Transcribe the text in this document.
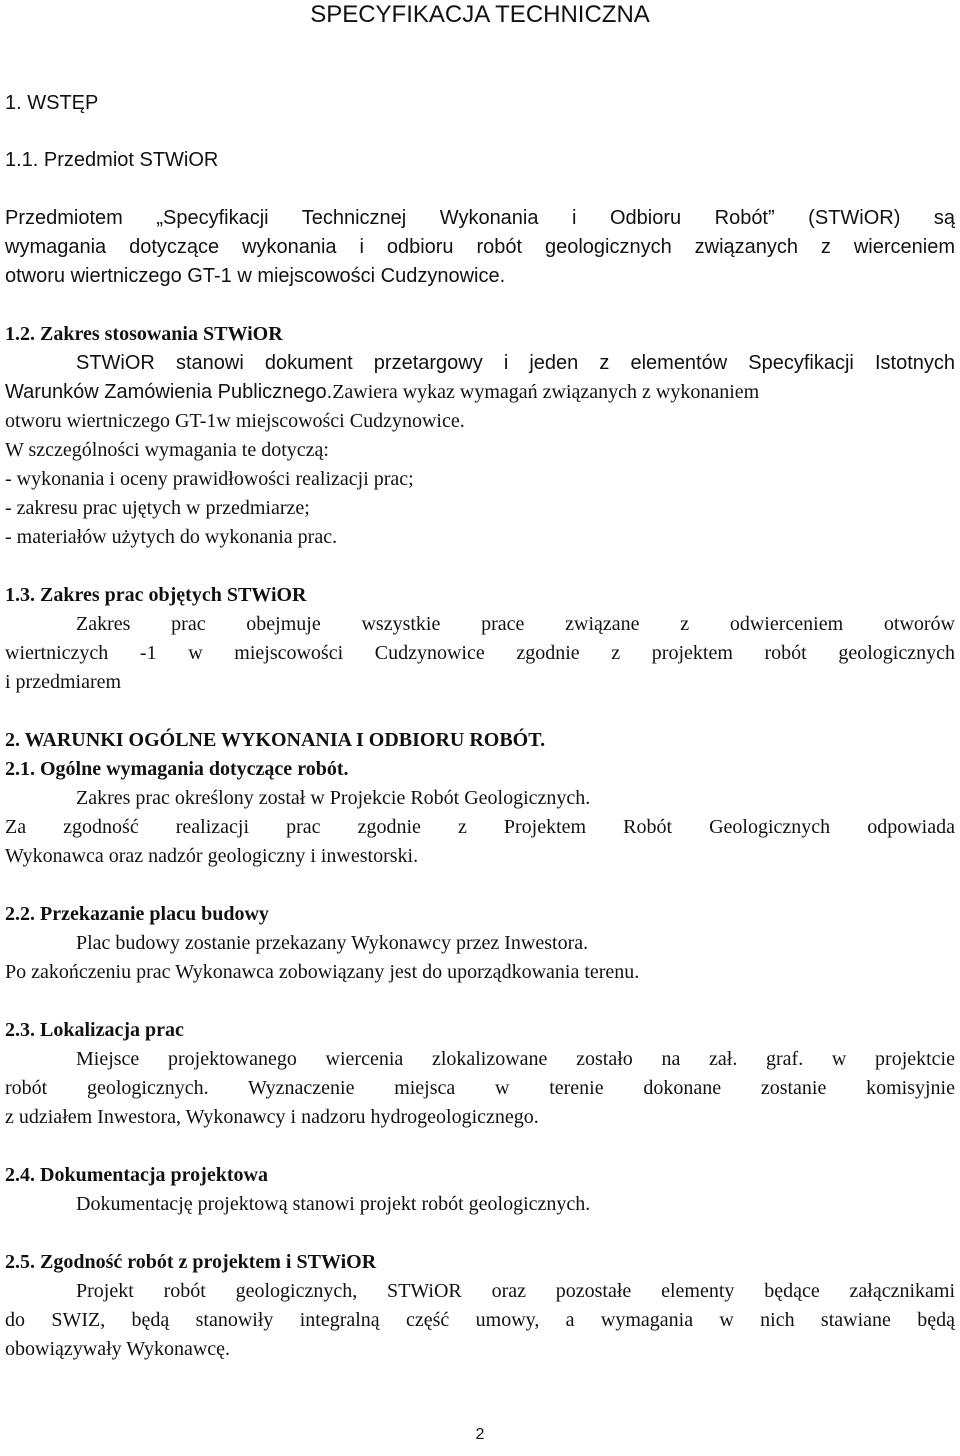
SPECYFIKACJA TECHNICZNA
1. WSTĘP
1.1. Przedmiot STWiOR
Przedmiotem „Specyfikacji Technicznej Wykonania i Odbioru Robót” (STWiOR) są
wymagania dotyczące wykonania i odbioru robót geologicznych związanych z wierceniem
otworu wiertniczego GT-1 w miejscowości Cudzynowice.
1.2. Zakres stosowania STWiOR
STWiOR stanowi dokument przetargowy i jeden z elementów Specyfikacji Istotnych
Warunków Zamówienia Publicznego.Zawiera wykaz wymagań związanych z wykonaniem
otworu wiertniczego GT-1w miejscowości Cudzynowice.
W szczególności wymagania te dotyczą:
- wykonania i oceny prawidłowości realizacji prac;
- zakresu prac ujętych w przedmiarze;
- materiałów użytych do wykonania prac.
1.3. Zakres prac objętych STWiOR
Zakres prac obejmuje wszystkie prace związane z odwierceniem otworów
wiertniczych -1 w miejscowości Cudzynowice zgodnie z projektem robót geologicznych
i przedmiarem
2. WARUNKI OGÓLNE WYKONANIA I ODBIORU ROBÓT.
2.1. Ogólne wymagania dotyczące robót.
Zakres prac określony został w Projekcie Robót Geologicznych.
Za zgodność realizacji prac zgodnie z Projektem Robót Geologicznych odpowiada
Wykonawca oraz nadzór geologiczny i inwestorski.
2.2. Przekazanie placu budowy
Plac budowy zostanie przekazany Wykonawcy przez Inwestora.
Po zakończeniu prac Wykonawca zobowiązany jest do uporządkowania terenu.
2.3. Lokalizacja prac
Miejsce projektowanego wiercenia zlokalizowane zostało na zał. graf. w projektcie
robót geologicznych. Wyznaczenie miejsca w terenie dokonane zostanie komisyjnie
z udziałem Inwestora, Wykonawcy i nadzoru hydrogeologicznego.
2.4. Dokumentacja projektowa
Dokumentację projektową stanowi projekt robót geologicznych.
2.5. Zgodność robót z projektem i STWiOR
Projekt robót geologicznych, STWiOR oraz pozostałe elementy będące załącznikami
do SWIZ, będą stanowiły integralną część umowy, a wymagania w nich stawiane będą
obowiązywały Wykonawcę.
2
